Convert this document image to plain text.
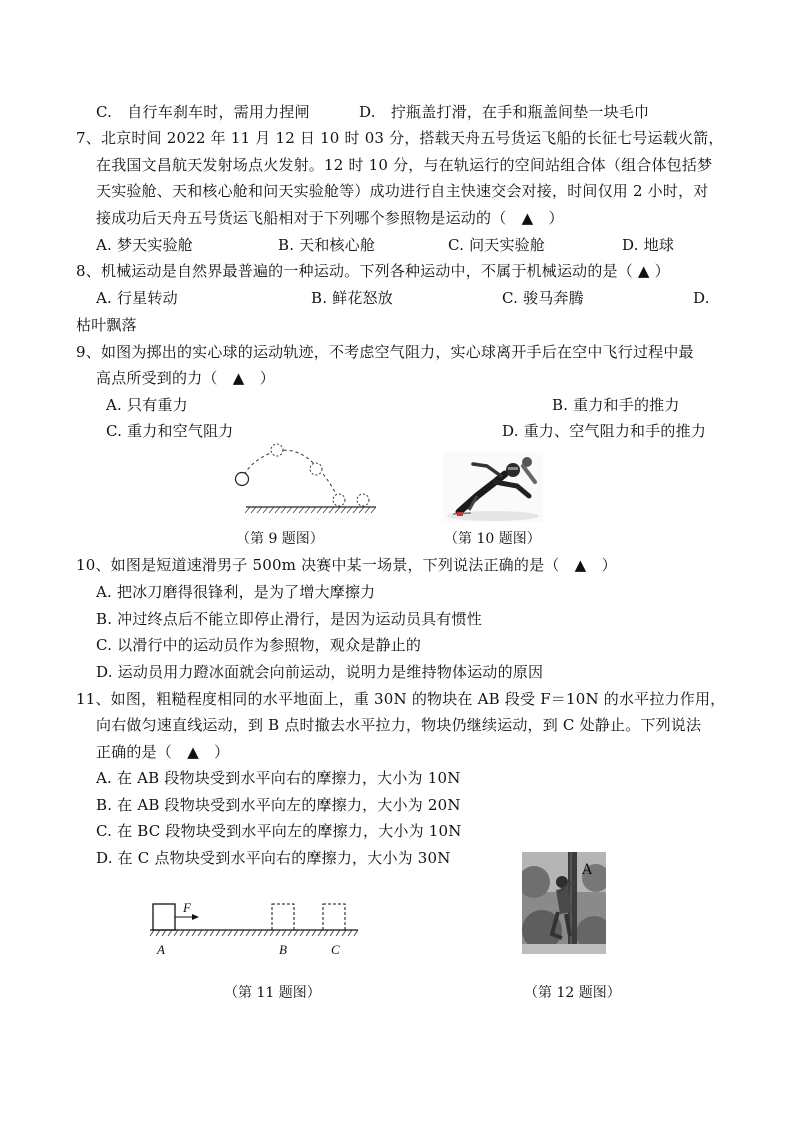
C.　自行车刹车时，需用力捏闸	D.　拧瓶盖打滑，在手和瓶盖间垫一块毛巾
7、北京时间 2022 年 11 月 12 日 10 时 03 分，搭载天舟五号货运飞船的长征七号运载火箭，
在我国文昌航天发射场点火发射。12 时 10 分，与在轨运行的空间站组合体（组合体包括梦
天实验舱、天和核心舱和问天实验舱等）成功进行自主快速交会对接，时间仅用 2 小时，对
接成功后天舟五号货运飞船相对于下列哪个参照物是运动的（　▲　）
A. 梦天实验舱	B. 天和核心舱	C. 问天实验舱	D. 地球
8、机械运动是自然界最普遍的一种运动。下列各种运动中，不属于机械运动的是（ ▲ ）
A. 行星转动	B. 鲜花怒放	C. 骏马奔腾	D.
枯叶飘落
9、如图为掷出的实心球的运动轨迹，不考虑空气阻力，实心球离开手后在空中飞行过程中最
高点所受到的力（　▲　）
A. 只有重力	B. 重力和手的推力
C. 重力和空气阻力	D. 重力、空气阻力和手的推力
（第 9 题图）	（第 10 题图）
10、如图是短道速滑男子 500m 决赛中某一场景，下列说法正确的是（　▲　）
A. 把冰刀磨得很锋利，是为了增大摩擦力
B. 冲过终点后不能立即停止滑行，是因为运动员具有惯性
C. 以滑行中的运动员作为参照物，观众是静止的
D. 运动员用力蹬冰面就会向前运动，说明力是维持物体运动的原因
11、如图，粗糙程度相同的水平地面上，重 30N 的物块在 AB 段受 F＝10N 的水平拉力作用，
向右做匀速直线运动，到 B 点时撤去水平拉力，物块仍继续运动，到 C 处静止。下列说法
正确的是（　▲　）
A. 在 AB 段物块受到水平向右的摩擦力，大小为 10N
B. 在 AB 段物块受到水平向左的摩擦力，大小为 20N
C. 在 BC 段物块受到水平向左的摩擦力，大小为 10N
D. 在 C 点物块受到水平向右的摩擦力，大小为 30N
F
A	B	C
（第 11 题图）
A
（第 12 题图）
